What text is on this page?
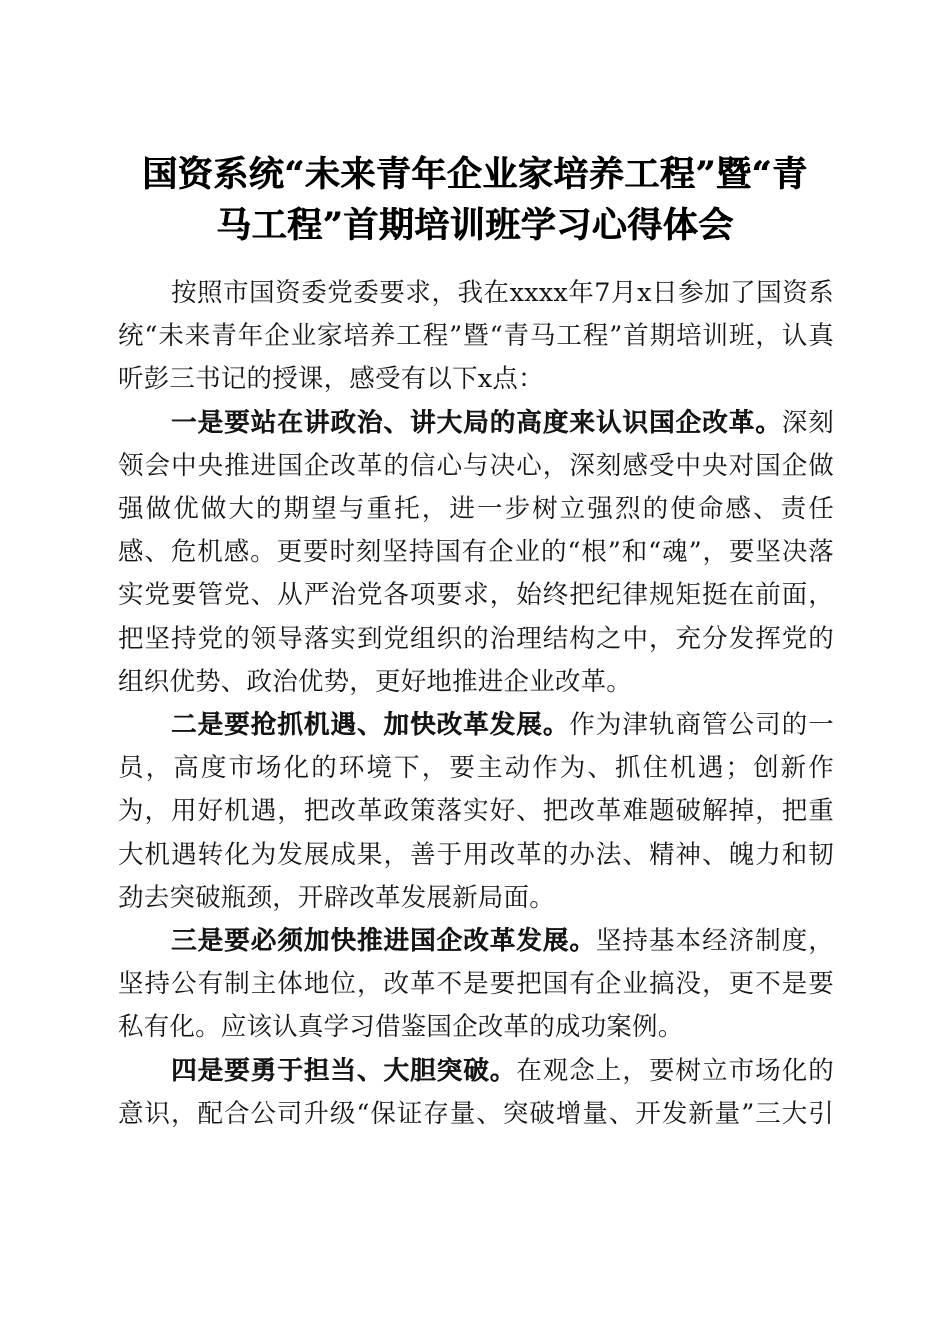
国资系统“未来青年企业家培养工程”暨“青
马工程”首期培训班学习心得体会

按照市国资委党委要求，我在xxxx年7月x日参加了国资系统“未来青年企业家培养工程”暨“青马工程”首期培训班，认真听彭三书记的授课，感受有以下x点：

一是要站在讲政治、讲大局的高度来认识国企改革。深刻领会中央推进国企改革的信心与决心，深刻感受中央对国企做强做优做大的期望与重托，进一步树立强烈的使命感、责任感、危机感。更要时刻坚持国有企业的“根”和“魂”，要坚决落实党要管党、从严治党各项要求，始终把纪律规矩挺在前面，把坚持党的领导落实到党组织的治理结构之中，充分发挥党的组织优势、政治优势，更好地推进企业改革。

二是要抢抓机遇、加快改革发展。作为津轨商管公司的一员，高度市场化的环境下，要主动作为、抓住机遇；创新作为，用好机遇，把改革政策落实好、把改革难题破解掉，把重大机遇转化为发展成果，善于用改革的办法、精神、魄力和韧劲去突破瓶颈，开辟改革发展新局面。

三是要必须加快推进国企改革发展。坚持基本经济制度，坚持公有制主体地位，改革不是要把国有企业搞没，更不是要私有化。应该认真学习借鉴国企改革的成功案例。

四是要勇于担当、大胆突破。在观念上，要树立市场化的意识，配合公司升级“保证存量、突破增量、开发新量”三大引
